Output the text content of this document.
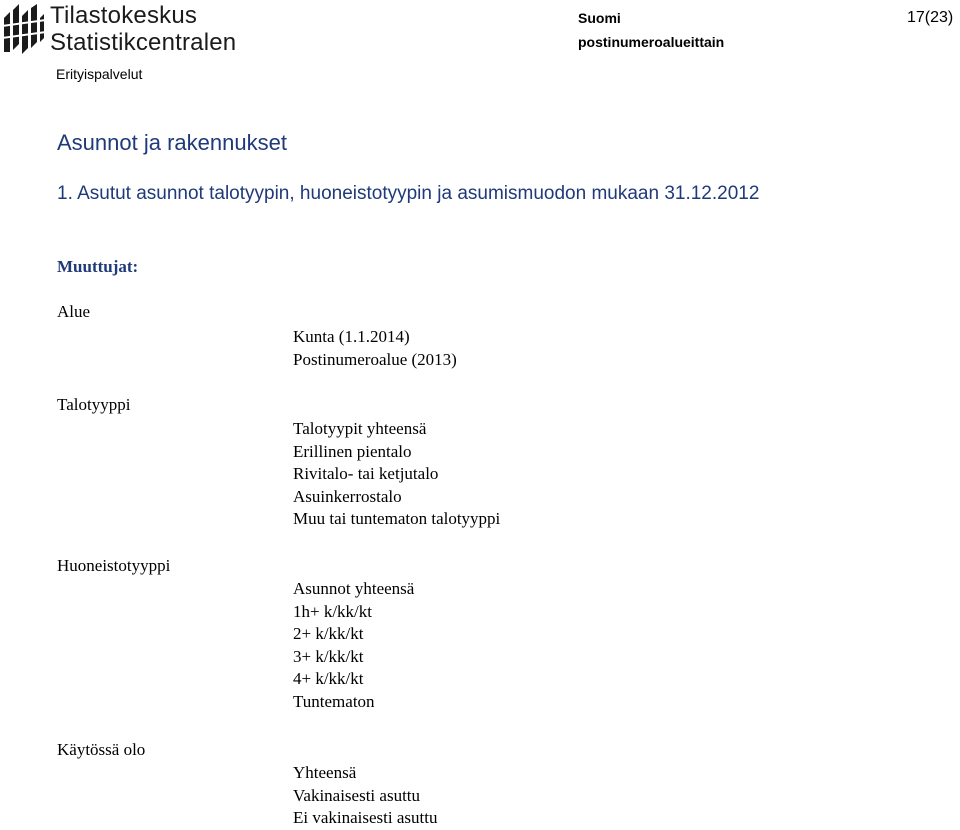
Tilastokeskus
Statistikcentralen
Erityispalvelut
Suomi
postinumeroalueittain
17(23)
Asunnot ja rakennukset
1. Asutut asunnot talotyypin, huoneistotyypin ja asumismuodon mukaan 31.12.2012
Muuttujat:
Alue
Kunta (1.1.2014)
Postinumeroalue (2013)
Talotyyppi
Talotyypit yhteensä
Erillinen pientalo
Rivitalo- tai ketjutalo
Asuinkerrostalo
Muu tai tuntematon talotyyppi
Huoneistotyyppi
Asunnot yhteensä
1h+ k/kk/kt
2+ k/kk/kt
3+ k/kk/kt
4+ k/kk/kt
Tuntematon
Käytössä olo
Yhteensä
Vakinaisesti asuttu
Ei vakinaisesti asuttu
